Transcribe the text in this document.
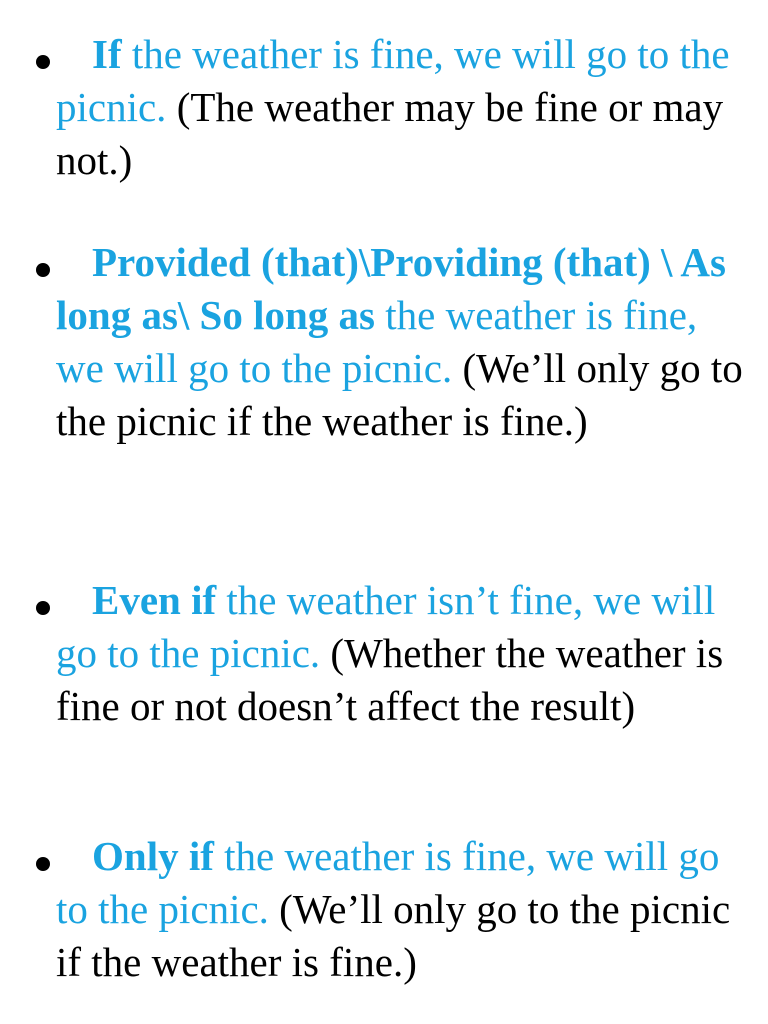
If the weather is fine, we will go to the picnic. (The weather may be fine or may not.)

Provided (that)\Providing (that) \ As long as\ So long as the weather is fine, we will go to the picnic. (We’ll only go to the picnic if the weather is fine.)

Even if the weather isn’t fine, we will go to the picnic. (Whether the weather is fine or not doesn’t affect the result)

Only if the weather is fine, we will go to the picnic. (We’ll only go to the picnic if the weather is fine.)
